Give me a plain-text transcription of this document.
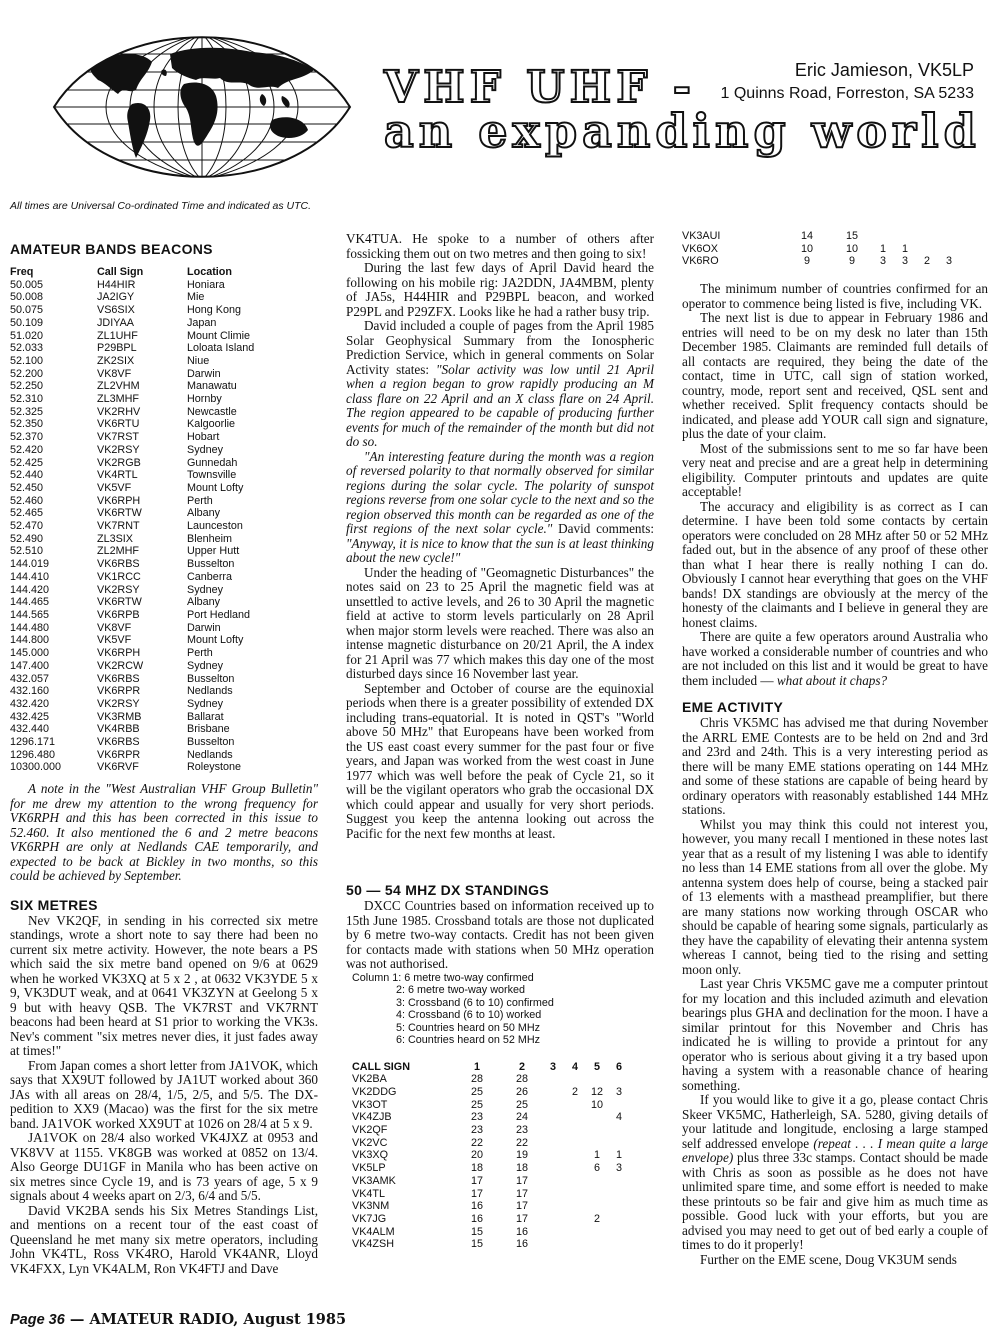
VHF UHF -
an expanding world
Eric Jamieson, VK5LP
1 Quinns Road, Forreston, SA 5233
All times are Universal Co-ordinated Time and indicated as UTC.
AMATEUR BANDS BEACONS
Freq	Call Sign	Location
50.005	H44HIR	Honiara
50.008	JA2IGY	Mie
50.075	VS6SIX	Hong Kong
50.109	JDIYAA	Japan
51.020	ZL1UHF	Mount Climie
52.033	P29BPL	Loloata Island
52.100	ZK2SIX	Niue
52.200	VK8VF	Darwin
52.250	ZL2VHM	Manawatu
52.310	ZL3MHF	Hornby
52.325	VK2RHV	Newcastle
52.350	VK6RTU	Kalgoorlie
52.370	VK7RST	Hobart
52.420	VK2RSY	Sydney
52.425	VK2RGB	Gunnedah
52.440	VK4RTL	Townsville
52.450	VK5VF	Mount Lofty
52.460	VK6RPH	Perth
52.465	VK6RTW	Albany
52.470	VK7RNT	Launceston
52.490	ZL3SIX	Blenheim
52.510	ZL2MHF	Upper Hutt
144.019	VK6RBS	Busselton
144.410	VK1RCC	Canberra
144.420	VK2RSY	Sydney
144.465	VK6RTW	Albany
144.565	VK6RPB	Port Hedland
144.480	VK8VF	Darwin
144.800	VK5VF	Mount Lofty
145.000	VK6RPH	Perth
147.400	VK2RCW	Sydney
432.057	VK6RBS	Busselton
432.160	VK6RPR	Nedlands
432.420	VK2RSY	Sydney
432.425	VK3RMB	Ballarat
432.440	VK4RBB	Brisbane
1296.171	VK6RBS	Busselton
1296.480	VK6RPR	Nedlands
10300.000	VK6RVF	Roleystone

A note in the "West Australian VHF Group Bulletin" for me drew my attention to the wrong frequency for VK6RPH and this has been corrected in this issue to 52.460. It also mentioned the 6 and 2 metre beacons VK6RPH are only at Nedlands CAE temporarily, and expected to be back at Bickley in two months, so this could be achieved by September.

SIX METRES

Nev VK2QF, in sending in his corrected six metre standings, wrote a short note to say there had been no current six metre activity. However, the note bears a PS which said the six metre band opened on 9/6 at 0629 when he worked VK3XQ at 5 x 2 , at 0632 VK3YDE 5 x 9, VK3DUT weak, and at 0641 VK3ZYN at Geelong 5 x 9 but with heavy QSB. The VK7RST and VK7RNT beacons had been heard at S1 prior to working the VK3s. Nev's comment "six metres never dies, it just fades away at times!"

From Japan comes a short letter from JA1VOK, which says that XX9UT followed by JA1UT worked about 360 JAs with all areas on 28/4, 1/5, 2/5, and 5/5. The DX-pedition to XX9 (Macao) was the first for the six metre band. JA1VOK worked XX9UT at 1026 on 28/4 at 5 x 9.

JA1VOK on 28/4 also worked VK4JXZ at 0953 and VK8VV at 1155. VK8GB was worked at 0852 on 13/4. Also George DU1GF in Manila who has been active on six metres since Cycle 19, and is 73 years of age, 5 x 9 signals about 4 weeks apart on 2/3, 6/4 and 5/5.

David VK2BA sends his Six Metres Standings List, and mentions on a recent tour of the east coast of Queensland he met many six metre operators, including John VK4TL, Ross VK4RO, Harold VK4ANR, Lloyd VK4FXX, Lyn VK4ALM, Ron VK4FTJ and Dave

VK4TUA. He spoke to a number of others after fossicking them out on two metres and then going to six!

During the last few days of April David heard the following on his mobile rig: JA2DDN, JA4MBM, plenty of JA5s, H44HIR and P29BPL beacon, and worked P29PL and P29ZFX. Looks like he had a rather busy trip.

David included a couple of pages from the April 1985 Solar Geophysical Summary from the Ionospheric Prediction Service, which in general comments on Solar Activity states: "Solar activity was low until 21 April when a region began to grow rapidly producing an M class flare on 22 April and an X class flare on 24 April. The region appeared to be capable of producing further events for much of the remainder of the month but did not do so.

"An interesting feature during the month was a region of reversed polarity to that normally observed for similar regions during the solar cycle. The polarity of sunspot regions reverse from one solar cycle to the next and so the region observed this month can be regarded as one of the first regions of the next solar cycle." David comments: "Anyway, it is nice to know that the sun is at least thinking about the new cycle!"

Under the heading of "Geomagnetic Disturbances" the notes said on 23 to 25 April the magnetic field was at unsettled to active levels, and 26 to 30 April the magnetic field at active to storm levels particularly on 28 April when major storm levels were reached. There was also an intense magnetic disturbance on 20/21 April, the A index for 21 April was 77 which makes this day one of the most disturbed days since 16 November last year.

September and October of course are the equinoxial periods when there is a greater possibility of extended DX including trans-equatorial. It is noted in QST's "World above 50 MHz" that Europeans have been worked from the US east coast every summer for the past four or five years, and Japan was worked from the west coast in June 1977 which was well before the peak of Cycle 21, so it will be the vigilant operators who grab the occasional DX which could appear and usually for very short periods. Suggest you keep the antenna looking out across the Pacific for the next few months at least.

50 — 54 MHZ DX STANDINGS

DXCC Countries based on information received up to 15th June 1985. Crossband totals are those not duplicated by 6 metre two-way contacts. Credit has not been given for contacts made with stations when 50 MHz operation was not authorised.

Column 1: 6 metre two-way confirmed
2: 6 metre two-way worked
3: Crossband (6 to 10) confirmed
4: Crossband (6 to 10) worked
5: Countries heard on 50 MHz
6: Countries heard on 52 MHz
CALL SIGN	1	2	3	4	5	6
VK2BA	28	28				
VK2DDG	25	26		2	12	3
VK3OT	25	25			10	
VK4ZJB	23	24				4
VK2QF	23	23				
VK2VC	22	22				
VK3XQ	20	19			1	1
VK5LP	18	18			6	3
VK3AMK	17	17				
VK4TL	17	17				
VK3NM	16	17				
VK7JG	16	17			2	
VK4ALM	15	16				
VK4ZSH	15	16				
VK3AUI	14	15				
VK6OX	10	10	1	1		
VK6RO	9	9	3	3	2	3

The minimum number of countries confirmed for an operator to commence being listed is five, including VK.

The next list is due to appear in February 1986 and entries will need to be on my desk no later than 15th December 1985. Claimants are reminded full details of all contacts are required, they being the date of the contact, time in UTC, call sign of station worked, country, mode, report sent and received, QSL sent and whether received. Split frequency contacts should be indicated, and please add YOUR call sign and signature, plus the date of your claim.

Most of the submissions sent to me so far have been very neat and precise and are a great help in determining eligibility. Computer printouts and updates are quite acceptable!

The accuracy and eligibility is as correct as I can determine. I have been told some contacts by certain operators were concluded on 28 MHz after 50 or 52 MHz faded out, but in the absence of any proof of these other than what I hear there is really nothing I can do. Obviously I cannot hear everything that goes on the VHF bands! DX standings are obviously at the mercy of the honesty of the claimants and I believe in general they are honest claims.

There are quite a few operators around Australia who have worked a considerable number of countries and who are not included on this list and it would be great to have them included — what about it chaps?

EME ACTIVITY

Chris VK5MC has advised me that during November the ARRL EME Contests are to be held on 2nd and 3rd and 23rd and 24th. This is a very interesting period as there will be many EME stations operating on 144 MHz and some of these stations are capable of being heard by ordinary operators with reasonably established 144 MHz stations.

Whilst you may think this could not interest you, however, you many recall I mentioned in these notes last year that as a result of my listening I was able to identify no less than 14 EME stations from all over the globe. My antenna system does help of course, being a stacked pair of 13 elements with a masthead preamplifier, but there are many stations now working through OSCAR who should be capable of hearing some signals, particularly as they have the capability of elevating their antenna system whereas I cannot, being tied to the rising and setting moon only.

Last year Chris VK5MC gave me a computer printout for my location and this included azimuth and elevation bearings plus GHA and declination for the moon. I have a similar printout for this November and Chris has indicated he is willing to provide a printout for any operator who is serious about giving it a try based upon having a system with a reasonable chance of hearing something.

If you would like to give it a go, please contact Chris Skeer VK5MC, Hatherleigh, SA. 5280, giving details of your latitude and longitude, enclosing a large stamped self addressed envelope (repeat . . . I mean quite a large envelope) plus three 33c stamps. Contact should be made with Chris as soon as possible as he does not have unlimited spare time, and some effort is needed to make these printouts so be fair and give him as much time as possible. Good luck with your efforts, but you are advised you may need to get out of bed early a couple of times to do it properly!

Further on the EME scene, Doug VK3UM sends

Page 36 — AMATEUR RADIO, August 1985
